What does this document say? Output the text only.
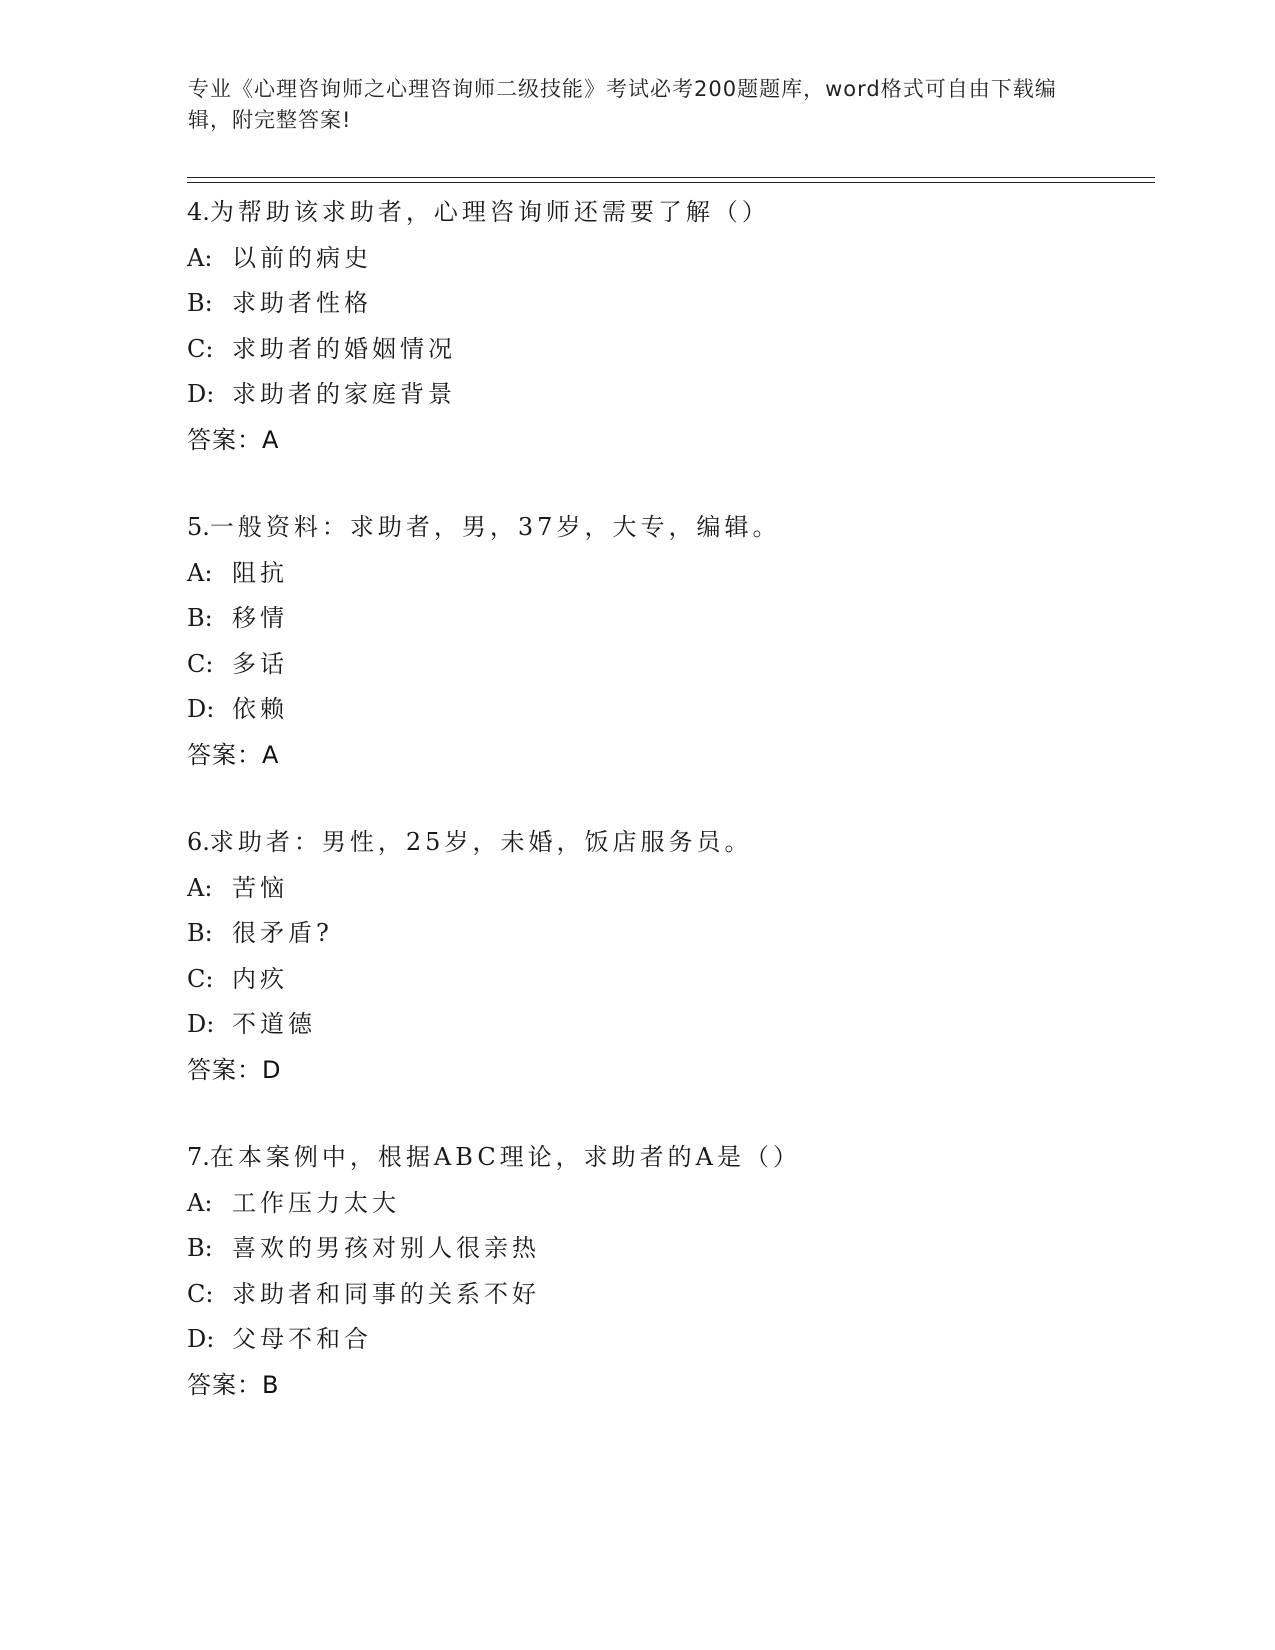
专业《心理咨询师之心理咨询师二级技能》考试必考200题题库，word格式可自由下载编辑，附完整答案!
4.为帮助该求助者，心理咨询师还需要了解（）
A: 以前的病史
B: 求助者性格
C: 求助者的婚姻情况
D: 求助者的家庭背景
答案：A
5.一般资料：求助者，男，37岁，大专，编辑。
A: 阻抗
B: 移情
C: 多话
D: 依赖
答案：A
6.求助者：男性，25岁，未婚，饭店服务员。
A: 苦恼
B: 很矛盾?
C: 内疚
D: 不道德
答案：D
7.在本案例中，根据ABC理论，求助者的A是（）
A: 工作压力太大
B: 喜欢的男孩对别人很亲热
C: 求助者和同事的关系不好
D: 父母不和合
答案：B
